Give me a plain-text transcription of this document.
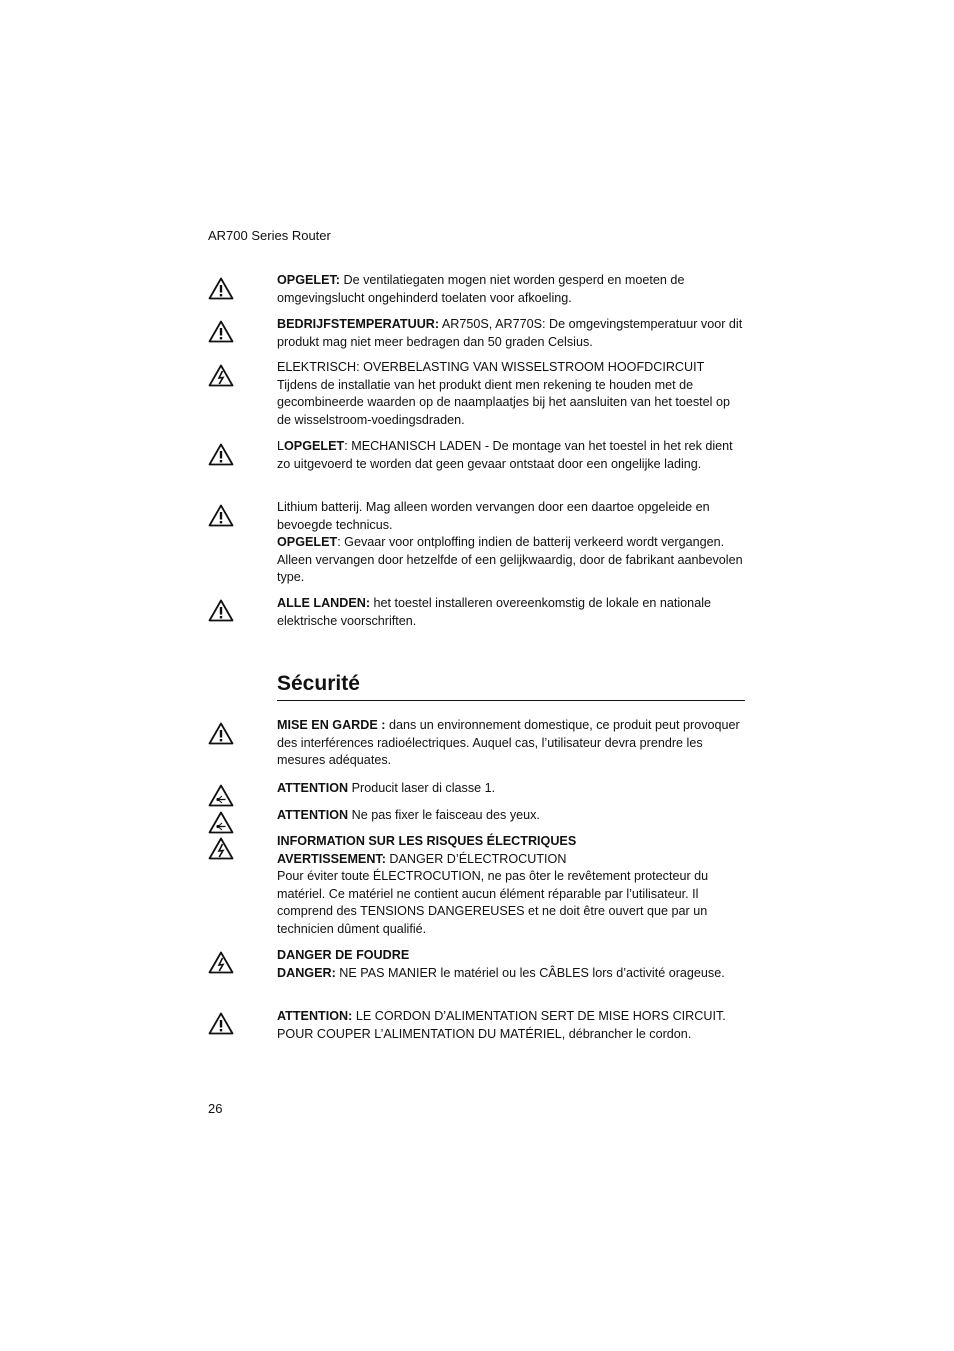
AR700 Series Router
OPGELET: De ventilatiegaten mogen niet worden gesperd en moeten de omgevingslucht ongehinderd toelaten voor afkoeling.
BEDRIJFSTEMPERATUUR: AR750S, AR770S: De omgevingstemperatuur voor dit produkt mag niet meer bedragen dan 50 graden Celsius.
ELEKTRISCH: OVERBELASTING VAN WISSELSTROOM HOOFDCIRCUIT
Tijdens de installatie van het produkt dient men rekening te houden met de gecombineerde waarden op de naamplaatjes bij het aansluiten van het toestel op de wisselstroom-voedingsdraden.
LOPGELET: MECHANISCH LADEN - De montage van het toestel in het rek dient zo uitgevoerd te worden dat geen gevaar ontstaat door een ongelijke lading.
Lithium batterij. Mag alleen worden vervangen door een daartoe opgeleide en bevoegde technicus.
OPGELET: Gevaar voor ontploffing indien de batterij verkeerd wordt vergangen. Alleen vervangen door hetzelfde of een gelijkwaardig, door de fabrikant aanbevolen type.
ALLE LANDEN: het toestel installeren overeenkomstig de lokale en nationale elektrische voorschriften.
Sécurité
MISE EN GARDE : dans un environnement domestique, ce produit peut provoquer des interférences radioélectriques. Auquel cas, l’utilisateur devra prendre les mesures adéquates.
ATTENTION Producit laser di classe 1.
ATTENTION Ne pas fixer le faisceau des yeux.
INFORMATION SUR LES RISQUES ÉLECTRIQUES
AVERTISSEMENT: DANGER D’ÉLECTROCUTION
Pour éviter toute ÉLECTROCUTION, ne pas ôter le revêtement protecteur du matériel. Ce matériel ne contient aucun élément réparable par l’utilisateur. Il comprend des TENSIONS DANGEREUSES et ne doit être ouvert que par un technicien dûment qualifié.
DANGER DE FOUDRE
DANGER: NE PAS MANIER le matériel ou les CÂBLES lors d’activité orageuse.
ATTENTION: LE CORDON D’ALIMENTATION SERT DE MISE HORS CIRCUIT. POUR COUPER L’ALIMENTATION DU MATÉRIEL, débrancher le cordon.
26
